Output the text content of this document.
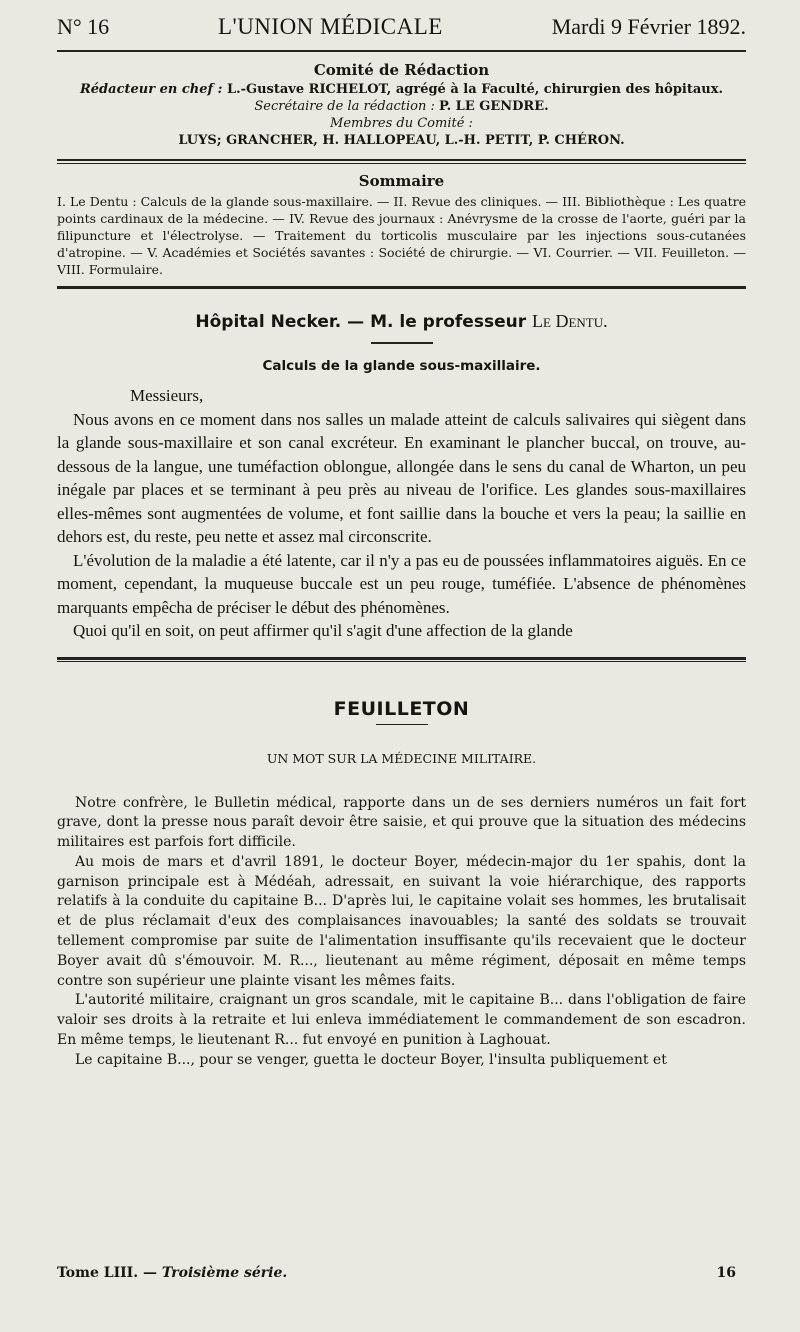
N° 16	L'UNION MÉDICALE	Mardi 9 Février 1892.
Comité de Rédaction
Rédacteur en chef : L.-Gustave RICHELOT, agrégé à la Faculté, chirurgien des hôpitaux.
Secrétaire de la rédaction : P. LE GENDRE.
Membres du Comité :
LUYS; GRANCHER, H. HALLOPEAU, L.-H. PETIT, P. CHÉRON.
Sommaire
I. Le Dentu : Calculs de la glande sous-maxillaire. — II. Revue des cliniques. — III. Bibliothèque : Les quatre points cardinaux de la médecine. — IV. Revue des journaux : Anévrysme de la crosse de l'aorte, guéri par la filipuncture et l'électrolyse. — Traitement du torticolis musculaire par les injections sous-cutanées d'atropine. — V. Académies et Sociétés savantes : Société de chirurgie. — VI. Courrier. — VII. Feuilleton. — VIII. Formulaire.
Hôpital Necker. — M. le professeur Le Dentu.
Calculs de la glande sous-maxillaire.

Messieurs,

Nous avons en ce moment dans nos salles un malade atteint de calculs salivaires qui siègent dans la glande sous-maxillaire et son canal excréteur. En examinant le plancher buccal, on trouve, au-dessous de la langue, une tuméfaction oblongue, allongée dans le sens du canal de Wharton, un peu inégale par places et se terminant à peu près au niveau de l'orifice. Les glandes sous-maxillaires elles-mêmes sont augmentées de volume, et font saillie dans la bouche et vers la peau; la saillie en dehors est, du reste, peu nette et assez mal circonscrite.

L'évolution de la maladie a été latente, car il n'y a pas eu de poussées inflammatoires aiguës. En ce moment, cependant, la muqueuse buccale est un peu rouge, tuméfiée. L'absence de phénomènes marquants empêcha de préciser le début des phénomènes.

Quoi qu'il en soit, on peut affirmer qu'il s'agit d'une affection de la glande

FEUILLETON
UN MOT SUR LA MÉDECINE MILITAIRE.

Notre confrère, le Bulletin médical, rapporte dans un de ses derniers numéros un fait fort grave, dont la presse nous paraît devoir être saisie, et qui prouve que la situation des médecins militaires est parfois fort difficile.

Au mois de mars et d'avril 1891, le docteur Boyer, médecin-major du 1er spahis, dont la garnison principale est à Médéah, adressait, en suivant la voie hiérarchique, des rapports relatifs à la conduite du capitaine B... D'après lui, le capitaine volait ses hommes, les brutalisait et de plus réclamait d'eux des complaisances inavouables; la santé des soldats se trouvait tellement compromise par suite de l'alimentation insuffisante qu'ils recevaient que le docteur Boyer avait dû s'émouvoir. M. R..., lieutenant au même régiment, déposait en même temps contre son supérieur une plainte visant les mêmes faits.

L'autorité militaire, craignant un gros scandale, mit le capitaine B... dans l'obligation de faire valoir ses droits à la retraite et lui enleva immédiatement le commandement de son escadron. En même temps, le lieutenant R... fut envoyé en punition à Laghouat.

Le capitaine B..., pour se venger, guetta le docteur Boyer, l'insulta publiquement et

Tome LIII. — Troisième série.	16
